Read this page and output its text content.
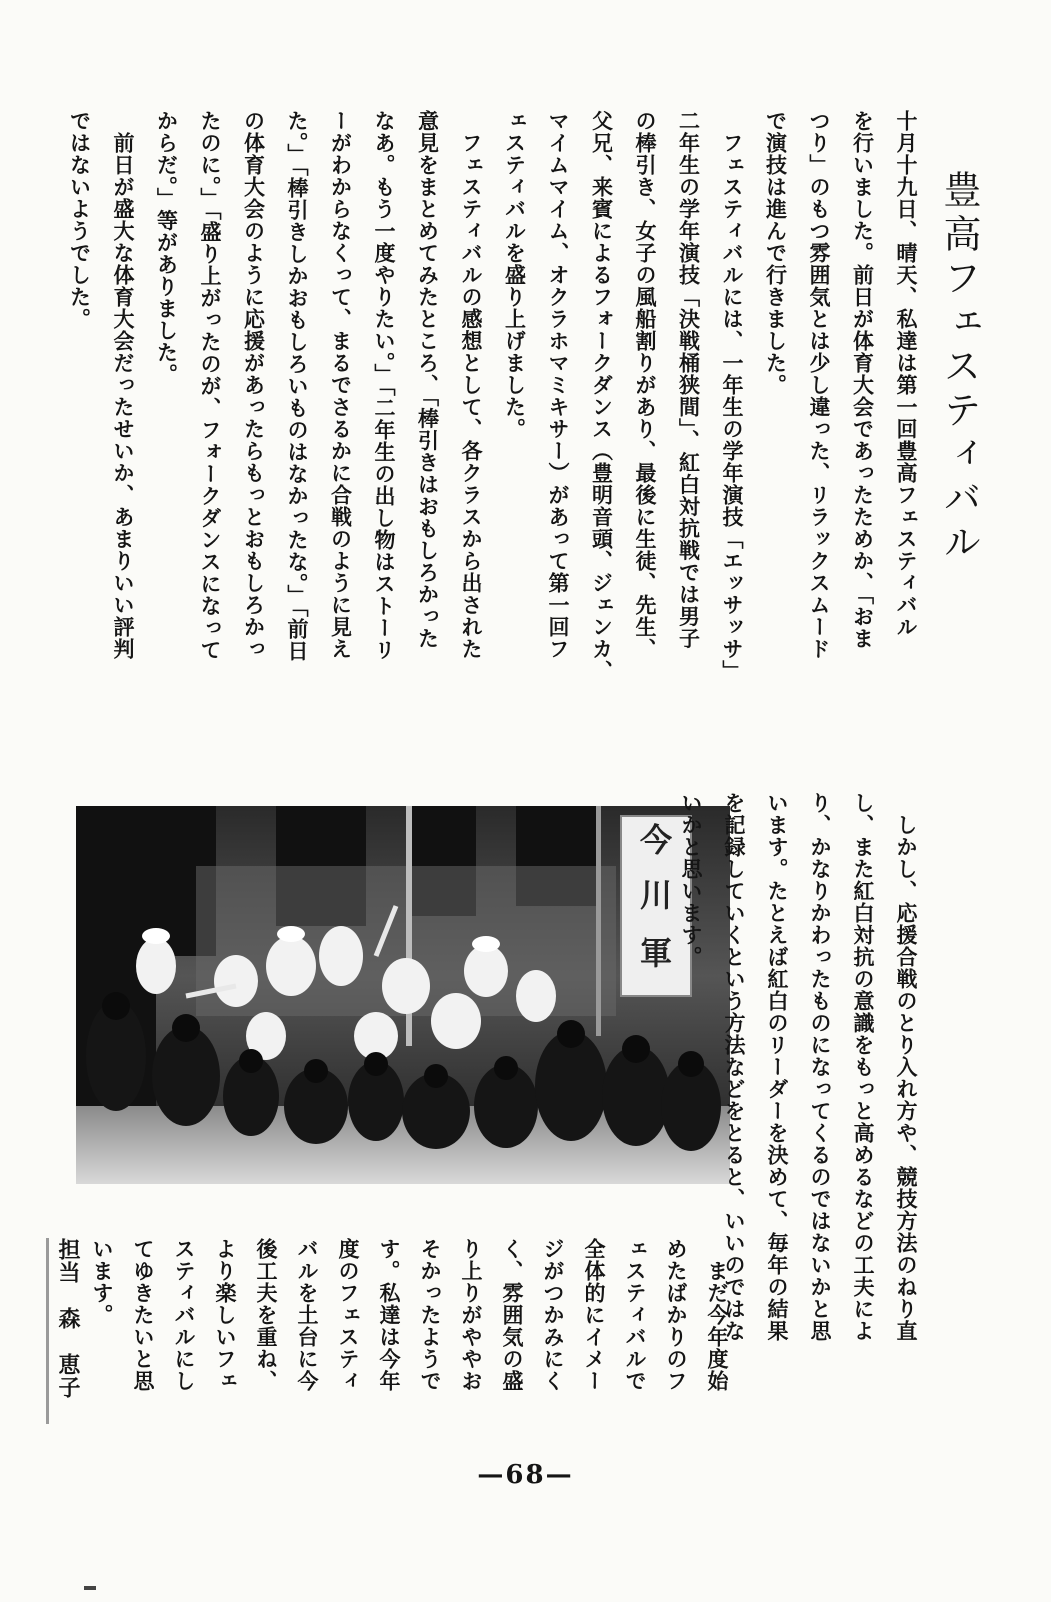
豊高フェスティバル
十月十九日、晴天、私達は第一回豊高フェスティバル
を行いました。前日が体育大会であったためか、「おま
つり」のもつ雰囲気とは少し違った、リラックスムード
で演技は進んで行きました。
　フェスティバルには、一年生の学年演技「エッサッサ」
二年生の学年演技「決戦桶狭間」、紅白対抗戦では男子
の棒引き、女子の風船割りがあり、最後に生徒、先生、
父兄、来賓によるフォークダンス（豊明音頭、ジェンカ、
マイムマイム、オクラホマミキサー）があって第一回フ
ェスティバルを盛り上げました。
　フェスティバルの感想として、各クラスから出された
意見をまとめてみたところ、「棒引きはおもしろかった
なあ。もう一度やりたい。」「二年生の出し物はストーリ
ーがわからなくって、まるでさるかに合戦のように見え
た。」「棒引きしかおもしろいものはなかったな。」「前日
の体育大会のように応援があったらもっとおもしろかっ
たのに。」「盛り上がったのが、フォークダンスになって
からだ。」等がありました。
　前日が盛大な体育大会だったせいか、あまりいい評判
ではないようでした。
今
川
軍	　しかし、応援合戦のとり入れ方や、競技方法のねり直
し、また紅白対抗の意識をもっと高めるなどの工夫によ
り、かなりかわったものになってくるのではないかと思
います。たとえば紅白のリーダーを決めて、毎年の結果
を記録していくという方法などをとると、いいのではな
いかと思います。
　まだ今年度始
めたばかりのフ
ェスティバルで
全体的にイメー
ジがつかみにく
く、雰囲気の盛
り上りがややお
そかったようで
す。私達は今年
度のフェスティ
バルを土台に今
後工夫を重ね、
より楽しいフェ
スティバルにし
てゆきたいと思
います。
担当　森　恵子
—68—
